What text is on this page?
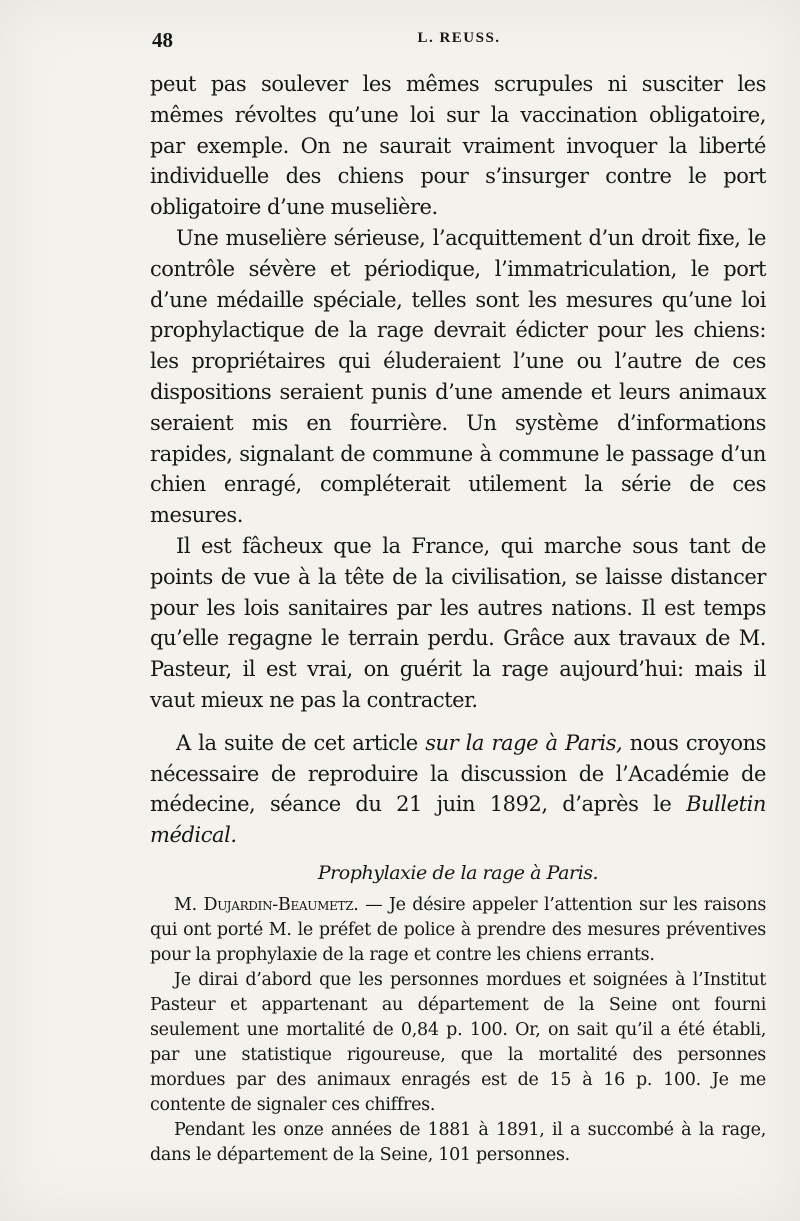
48	L. REUSS.

peut pas soulever les mêmes scrupules ni susciter les mêmes révoltes qu’une loi sur la vaccination obligatoire, par exemple. On ne saurait vraiment invoquer la liberté individuelle des chiens pour s’insurger contre le port obligatoire d’une muselière.

Une muselière sérieuse, l’acquittement d’un droit fixe, le contrôle sévère et périodique, l’immatriculation, le port d’une médaille spéciale, telles sont les mesures qu’une loi prophylactique de la rage devrait édicter pour les chiens: les propriétaires qui éluderaient l’une ou l’autre de ces dispositions seraient punis d’une amende et leurs animaux seraient mis en fourrière. Un système d’informations rapides, signalant de commune à commune le passage d’un chien enragé, compléterait utilement la série de ces mesures.

Il est fâcheux que la France, qui marche sous tant de points de vue à la tête de la civilisation, se laisse distancer pour les lois sanitaires par les autres nations. Il est temps qu’elle regagne le terrain perdu. Grâce aux travaux de M. Pasteur, il est vrai, on guérit la rage aujourd’hui: mais il vaut mieux ne pas la contracter.

A la suite de cet article sur la rage à Paris, nous croyons nécessaire de reproduire la discussion de l’Académie de médecine, séance du 21 juin 1892, d’après le Bulletin médical.

Prophylaxie de la rage à Paris.

M. Dujardin-Beaumetz. — Je désire appeler l’attention sur les raisons qui ont porté M. le préfet de police à prendre des mesures préventives pour la prophylaxie de la rage et contre les chiens errants.

Je dirai d’abord que les personnes mordues et soignées à l’Institut Pasteur et appartenant au département de la Seine ont fourni seulement une mortalité de 0,84 p. 100. Or, on sait qu’il a été établi, par une statistique rigoureuse, que la mortalité des personnes mordues par des animaux enragés est de 15 à 16 p. 100. Je me contente de signaler ces chiffres.

Pendant les onze années de 1881 à 1891, il a succombé à la rage, dans le département de la Seine, 101 personnes.
